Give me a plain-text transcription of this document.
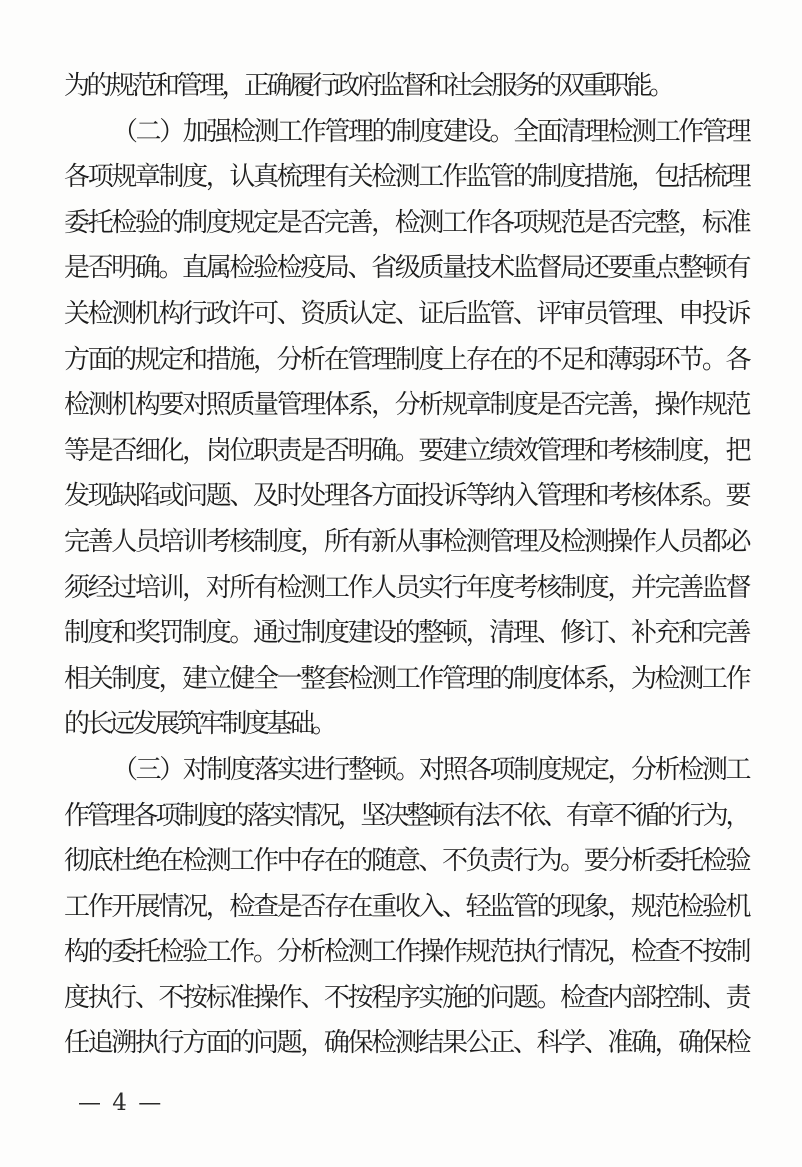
为的规范和管理，正确履行政府监督和社会服务的双重职能。
（二）加强检测工作管理的制度建设。全面清理检测工作管理
各项规章制度，认真梳理有关检测工作监管的制度措施，包括梳理
委托检验的制度规定是否完善，检测工作各项规范是否完整，标准
是否明确。直属检验检疫局、省级质量技术监督局还要重点整顿有
关检测机构行政许可、资质认定、证后监管、评审员管理、申投诉
方面的规定和措施，分析在管理制度上存在的不足和薄弱环节。各
检测机构要对照质量管理体系，分析规章制度是否完善，操作规范
等是否细化，岗位职责是否明确。要建立绩效管理和考核制度，把
发现缺陷或问题、及时处理各方面投诉等纳入管理和考核体系。要
完善人员培训考核制度，所有新从事检测管理及检测操作人员都必
须经过培训，对所有检测工作人员实行年度考核制度，并完善监督
制度和奖罚制度。通过制度建设的整顿，清理、修订、补充和完善
相关制度，建立健全一整套检测工作管理的制度体系，为检测工作
的长远发展筑牢制度基础。
（三）对制度落实进行整顿。对照各项制度规定，分析检测工
作管理各项制度的落实情况，坚决整顿有法不依、有章不循的行为，
彻底杜绝在检测工作中存在的随意、不负责行为。要分析委托检验
工作开展情况，检查是否存在重收入、轻监管的现象，规范检验机
构的委托检验工作。分析检测工作操作规范执行情况，检查不按制
度执行、不按标准操作、不按程序实施的问题。检查内部控制、责
任追溯执行方面的问题，确保检测结果公正、科学、准确，确保检
— 4 —
